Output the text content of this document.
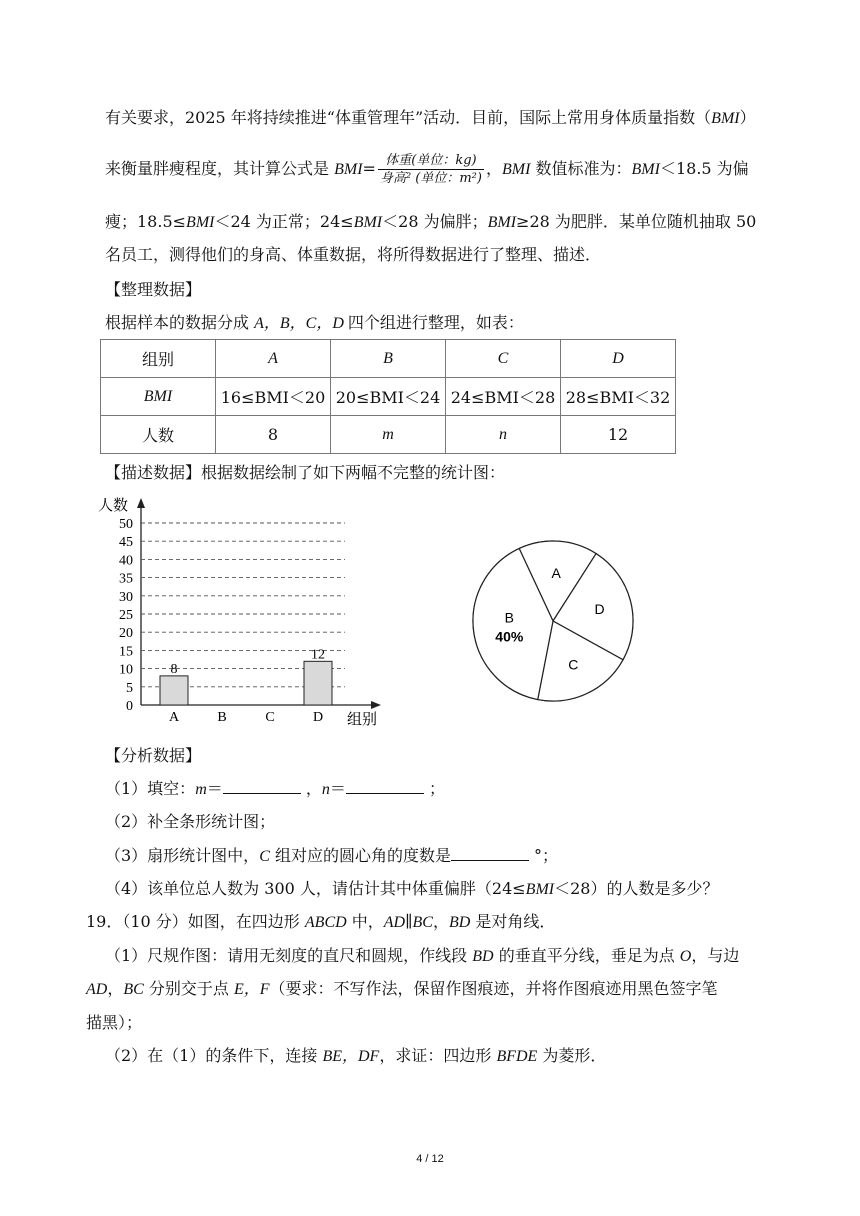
有关要求，2025 年将持续推进“体重管理年”活动．目前，国际上常用身体质量指数（BMI）
来衡量胖瘦程度，其计算公式是 $BMI= \frac{\text{体重(单位：kg)}}{\text{身高² (单位：m²)}}$ ，BMI 数值标准为：BMI＜18.5 为偏
瘦；18.5≤BMI＜24 为正常；24≤BMI＜28 为偏胖；BMI≥28 为肥胖．某单位随机抽取 50
名员工，测得他们的身高、体重数据，将所得数据进行了整理、描述．
【整理数据】
根据样本的数据分成 A，B，C，D 四个组进行整理，如表：
组别	A	B	C	D
BMI	16≤BMI＜20	20≤BMI＜24	24≤BMI＜28	28≤BMI＜32
人数	8	m	n	12
【描述数据】根据数据绘制了如下两幅不完整的统计图：
人数
组别
0
5
10
15
20
25
30
35
40
45
50
A
8
B	C	D
12
A
D
C
B
40%
【分析数据】
（1）填空：m＝	，n＝	；
（2）补全条形统计图；
（3）扇形统计图中，C 组对应的圆心角的度数是	°；
（4）该单位总人数为 300 人，请估计其中体重偏胖（24≤BMI＜28）的人数是多少？
19．（10 分）如图，在四边形 ABCD 中，AD∥BC，BD 是对角线．
（1）尺规作图：请用无刻度的直尺和圆规，作线段 BD 的垂直平分线，垂足为点 O，与边
AD，BC 分别交于点 E，F（要求：不写作法，保留作图痕迹，并将作图痕迹用黑色签字笔
描黑）；
（2）在（1）的条件下，连接 BE，DF，求证：四边形 BFDE 为菱形．
4 / 12
